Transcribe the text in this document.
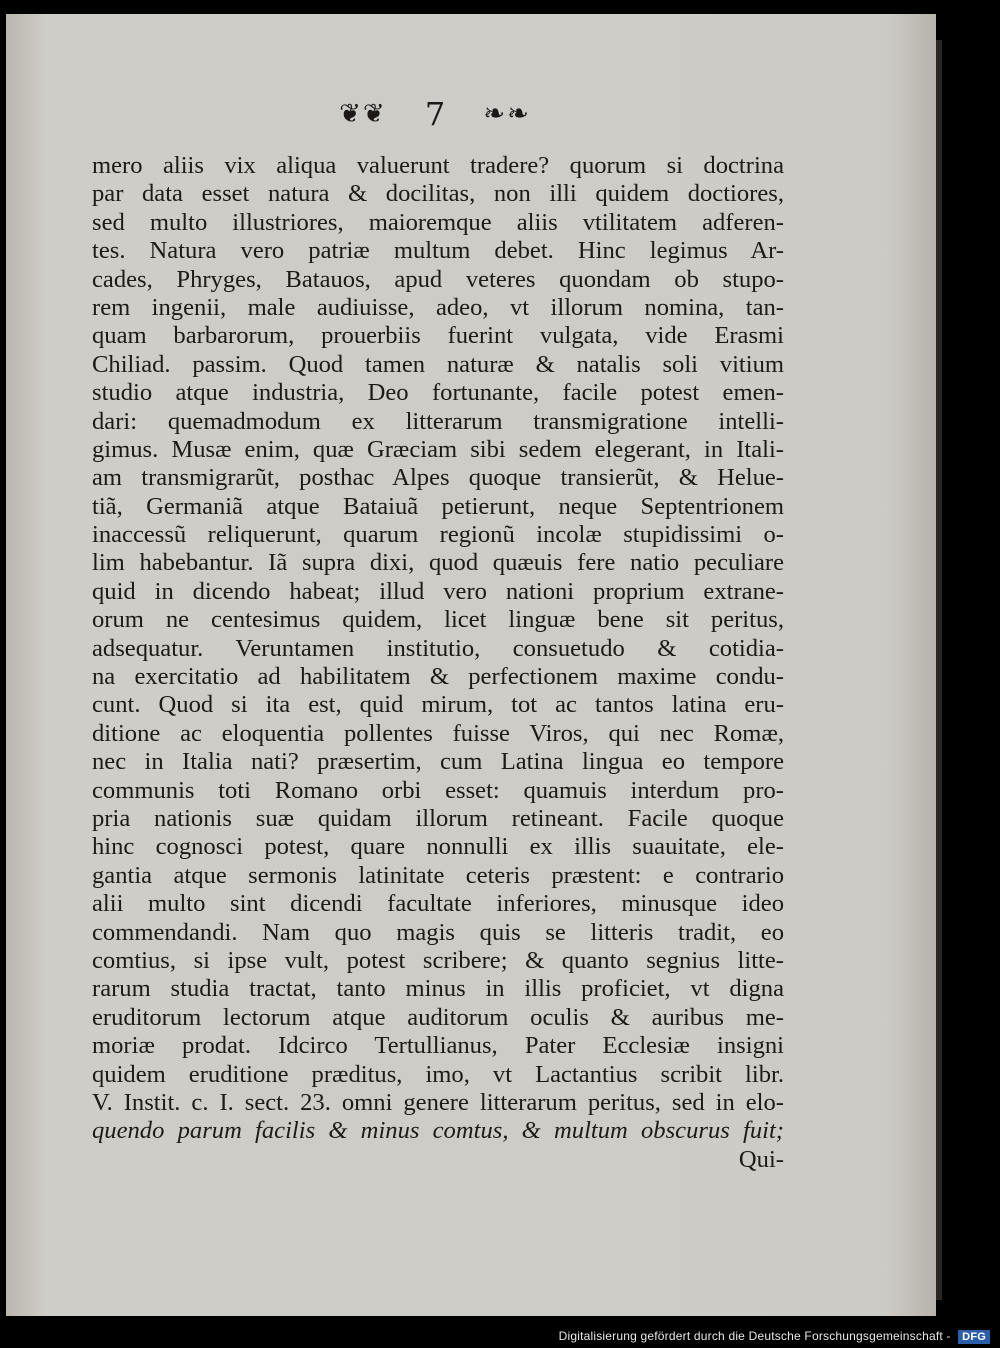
❦❦ 7 ❧❧
mero aliis vix aliqua valuerunt tradere? quorum si doctrina
par data esset natura & docilitas, non illi quidem doctiores,
sed multo illustriores, maioremque aliis vtilitatem adferen-
tes. Natura vero patriæ multum debet. Hinc legimus Ar-
cades, Phryges, Batauos, apud veteres quondam ob stupo-
rem ingenii, male audiuisse, adeo, vt illorum nomina, tan-
quam barbarorum, prouerbiis fuerint vulgata, vide Erasmi
Chiliad. passim. Quod tamen naturæ & natalis soli vitium
studio atque industria, Deo fortunante, facile potest emen-
dari: quemadmodum ex litterarum transmigratione intelli-
gimus. Musæ enim, quæ Græciam sibi sedem elegerant, in Itali-
am transmigrarũt, posthac Alpes quoque transierũt, & Helue-
tiã, Germaniã atque Bataiuã petierunt, neque Septentrionem
inaccessũ reliquerunt, quarum regionũ incolæ stupidissimi o-
lim habebantur. Iã supra dixi, quod quæuis fere natio peculiare
quid in dicendo habeat; illud vero nationi proprium extrane-
orum ne centesimus quidem, licet linguæ bene sit peritus,
adsequatur. Veruntamen institutio, consuetudo & cotidia-
na exercitatio ad habilitatem & perfectionem maxime condu-
cunt. Quod si ita est, quid mirum, tot ac tantos latina eru-
ditione ac eloquentia pollentes fuisse Viros, qui nec Romæ,
nec in Italia nati? præsertim, cum Latina lingua eo tempore
communis toti Romano orbi esset: quamuis interdum pro-
pria nationis suæ quidam illorum retineant. Facile quoque
hinc cognosci potest, quare nonnulli ex illis suauitate, ele-
gantia atque sermonis latinitate ceteris præstent: e contrario
alii multo sint dicendi facultate inferiores, minusque ideo
commendandi. Nam quo magis quis se litteris tradit, eo
comtius, si ipse vult, potest scribere; & quanto segnius litte-
rarum studia tractat, tanto minus in illis proficiet, vt digna
eruditorum lectorum atque auditorum oculis & auribus me-
moriæ prodat. Idcirco Tertullianus, Pater Ecclesiæ insigni
quidem eruditione præditus, imo, vt Lactantius scribit libr.
V. Instit. c. I. sect. 23. omni genere litterarum peritus, sed in elo-
quendo parum facilis & minus comtus, & multum obscurus fuit;
Qui-
Digitalisierung gefördert durch die Deutsche Forschungsgemeinschaft - DFG
